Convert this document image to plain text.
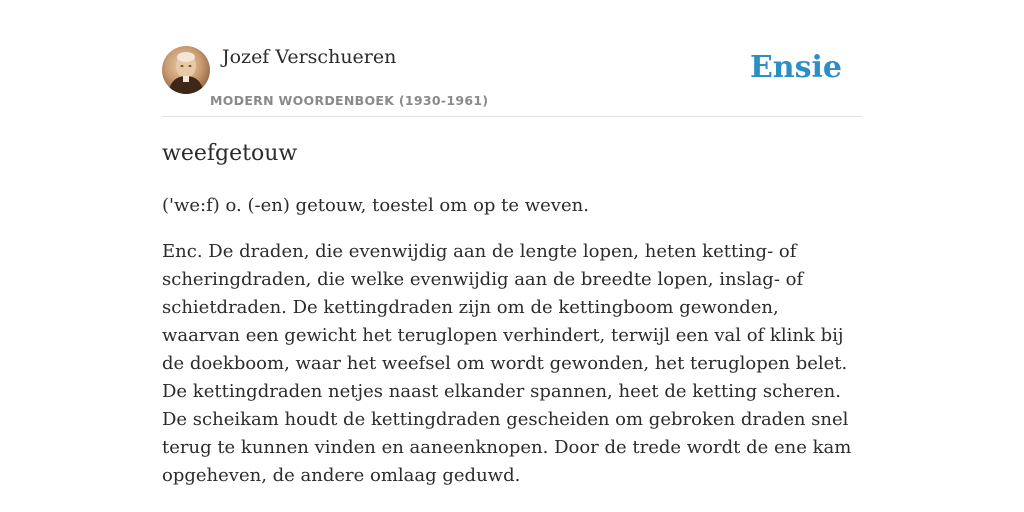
Jozef Verschueren
MODERN WOORDENBOEK (1930-1961)
Ensie
weefgetouw

('we:f) o. (-en) getouw, toestel om op te weven.

Enc. De draden, die evenwijdig aan de lengte lopen, heten ketting- of scheringdraden, die welke evenwijdig aan de breedte lopen, inslag- of schietdraden. De kettingdraden zijn om de kettingboom gewonden, waarvan een gewicht het teruglopen verhindert, terwijl een val of klink bij de doekboom, waar het weefsel om wordt gewonden, het teruglopen belet. De kettingdraden netjes naast elkander spannen, heet de ketting scheren. De scheikam houdt de kettingdraden gescheiden om gebroken draden snel terug te kunnen vinden en aaneenknopen. Door de trede wordt de ene kam opgeheven, de andere omlaag geduwd.
